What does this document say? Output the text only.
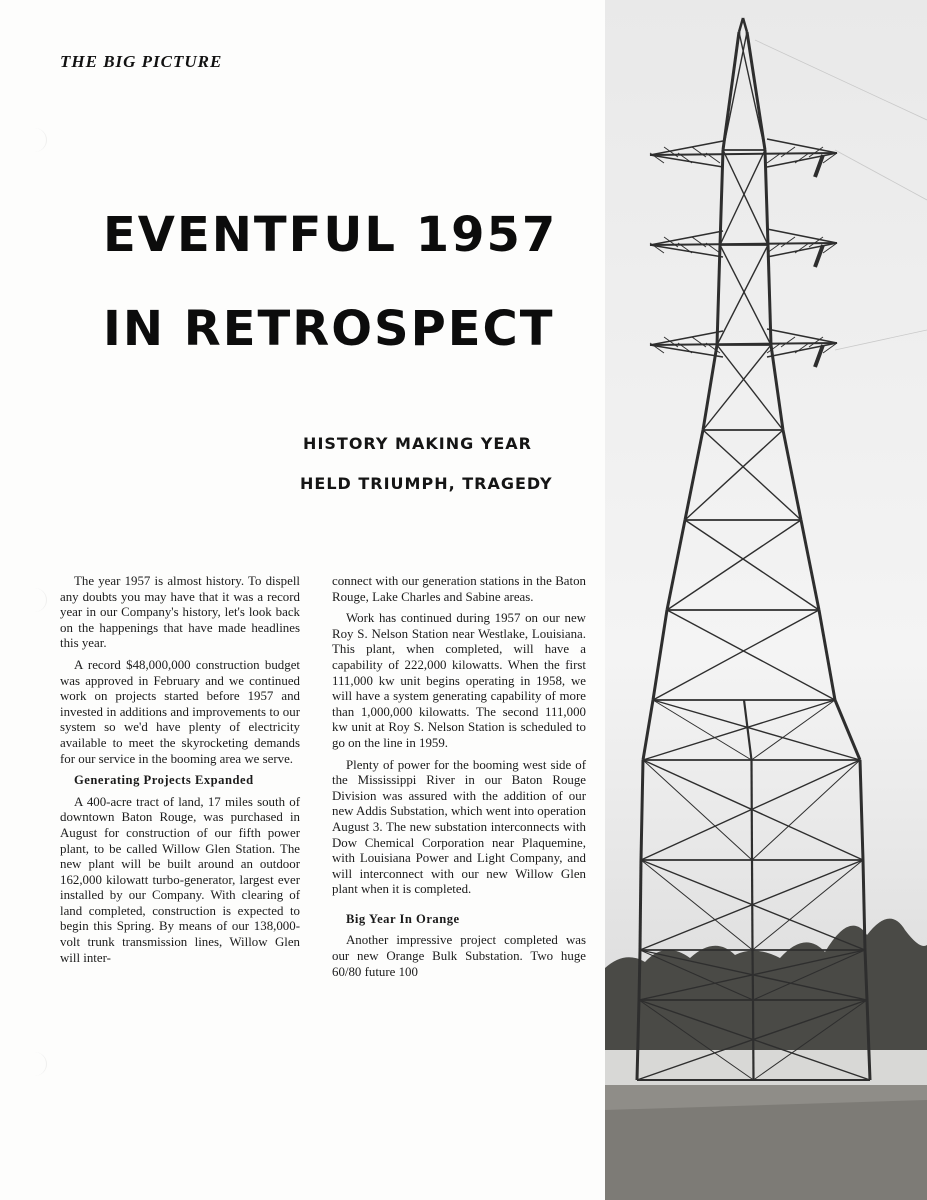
THE BIG PICTURE
EVENTFUL 1957
IN RETROSPECT
HISTORY MAKING YEAR
HELD TRIUMPH, TRAGEDY

The year 1957 is almost history. To dispell any doubts you may have that it was a record year in our Company's history, let's look back on the happenings that have made headlines this year.

A record $48,000,000 construction budget was approved in February and we continued work on projects started before 1957 and invested in additions and improvements to our system so we'd have plenty of electricity available to meet the skyrocketing demands for our service in the booming area we serve.

Generating Projects Expanded

A 400-acre tract of land, 17 miles south of downtown Baton Rouge, was purchased in August for construction of our fifth power plant, to be called Willow Glen Station. The new plant will be built around an outdoor 162,000 kilowatt turbo-generator, largest ever installed by our Company. With clearing of land completed, construction is expected to begin this Spring. By means of our 138,000-volt trunk transmission lines, Willow Glen will inter-

connect with our generation stations in the Baton Rouge, Lake Charles and Sabine areas.

Work has continued during 1957 on our new Roy S. Nelson Station near Westlake, Louisiana. This plant, when completed, will have a capability of 222,000 kilowatts. When the first 111,000 kw unit begins operating in 1958, we will have a system generating capability of more than 1,000,000 kilowatts. The second 111,000 kw unit at Roy S. Nelson Station is scheduled to go on the line in 1959.

Plenty of power for the booming west side of the Mississippi River in our Baton Rouge Division was assured with the addition of our new Addis Substation, which went into operation August 3. The new substation interconnects with Dow Chemical Corporation near Plaquemine, with Louisiana Power and Light Company, and will interconnect with our new Willow Glen plant when it is completed.

Big Year In Orange

Another impressive project completed was our new Orange Bulk Substation. Two huge 60/80 future 100
